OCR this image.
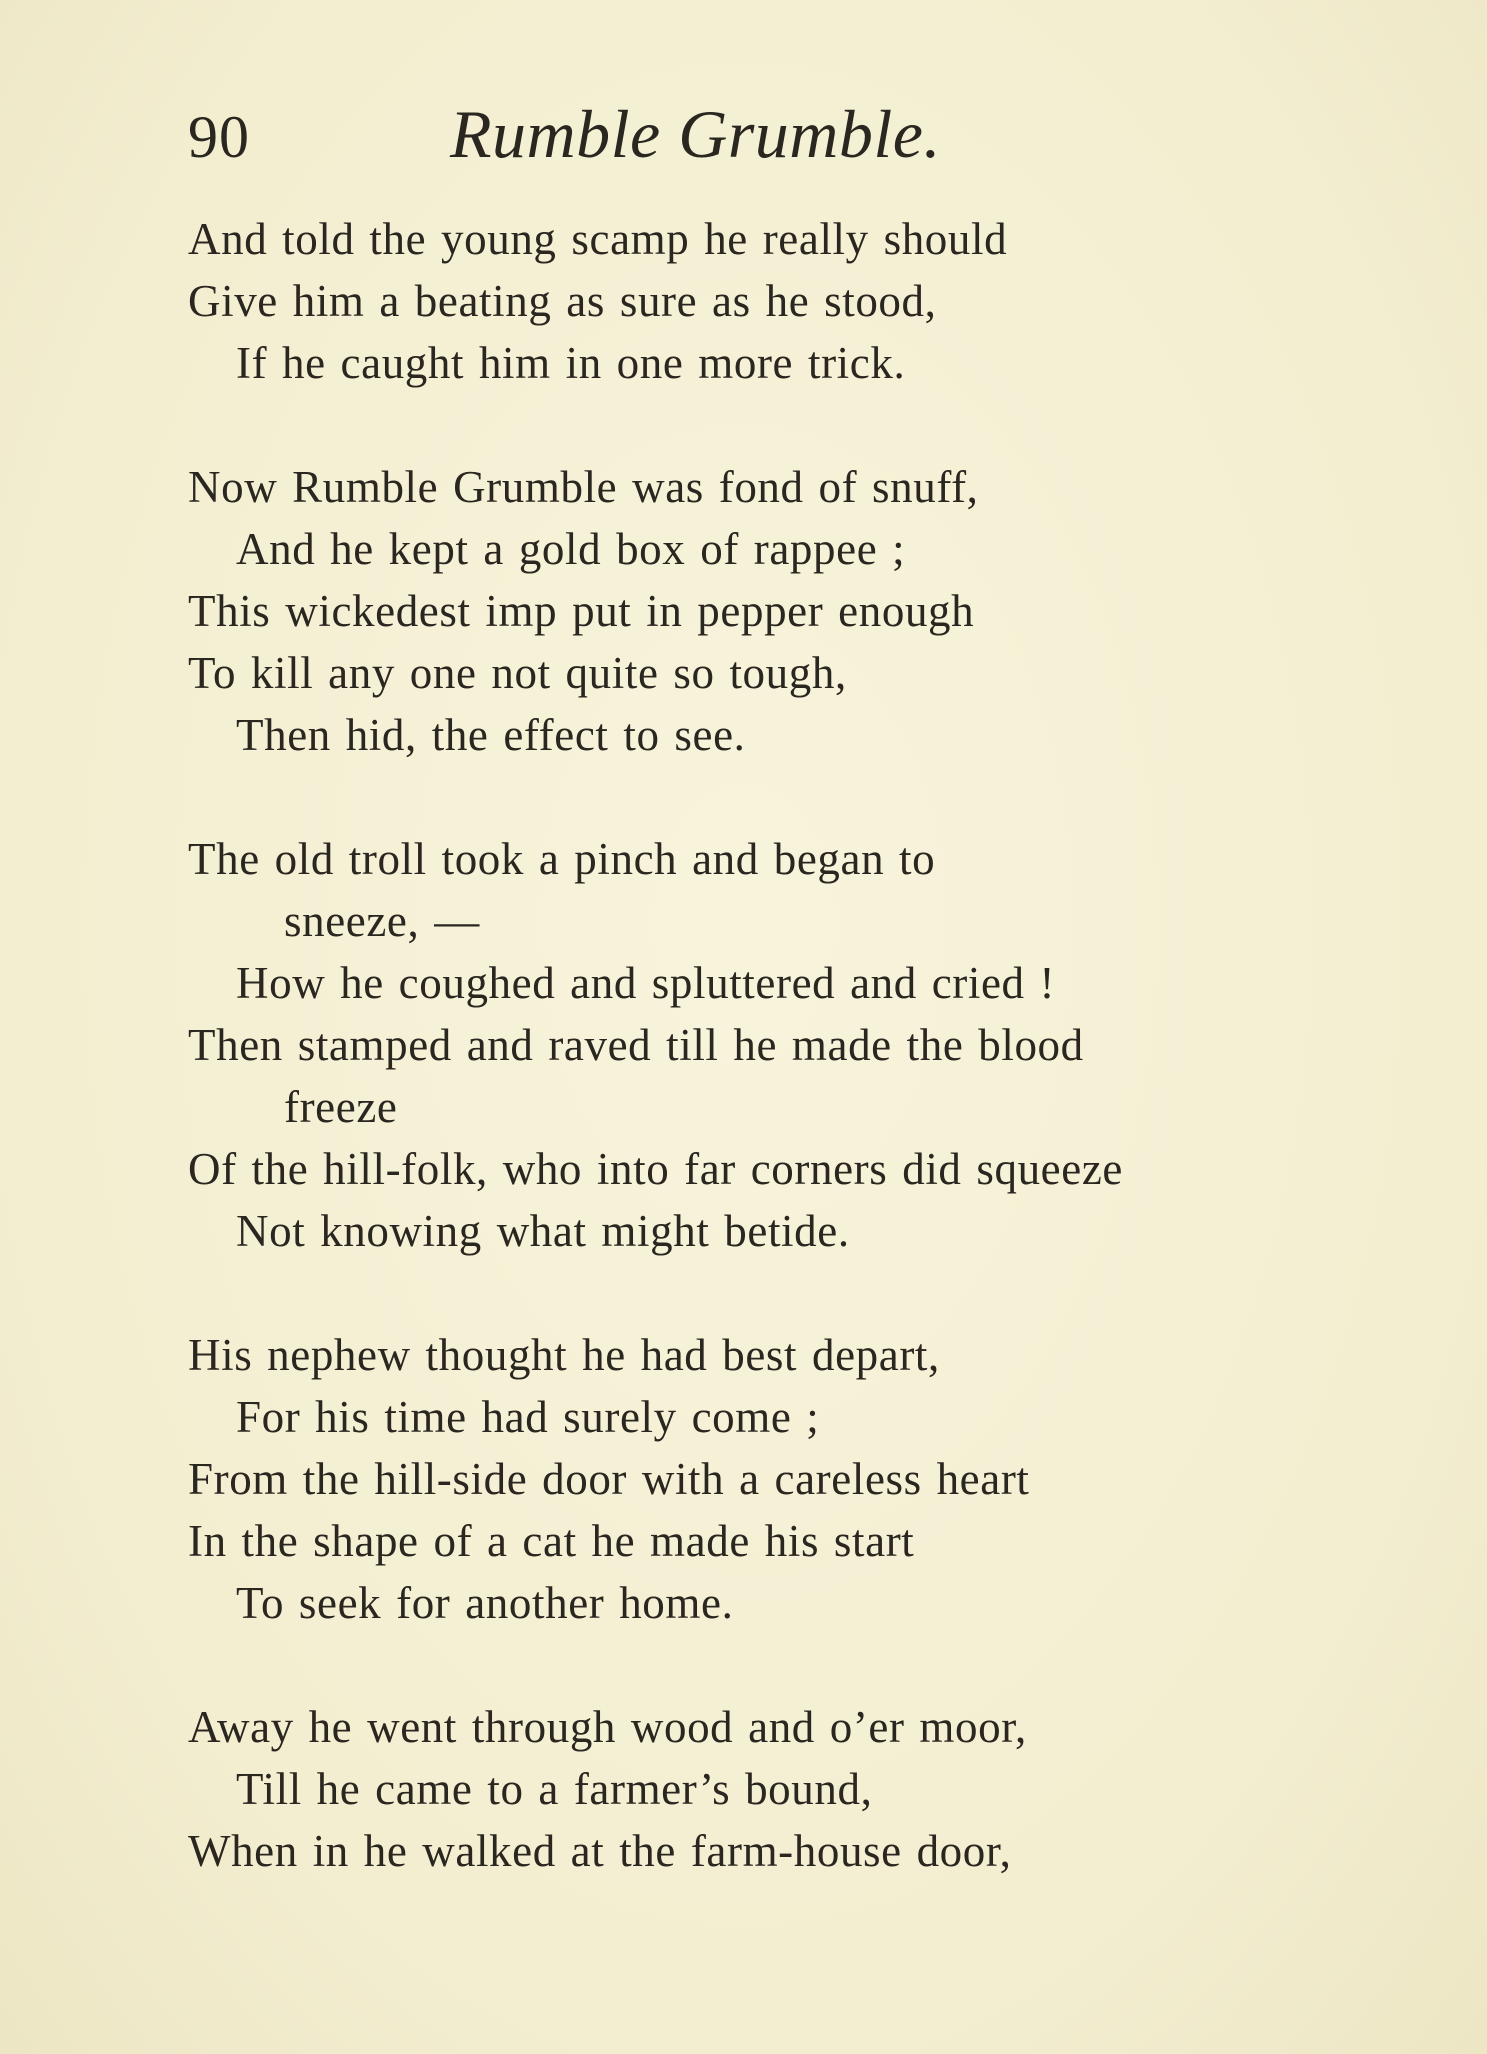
90	Rumble Grumble.
And told the young scamp he really should
Give him a beating as sure as he stood,
If he caught him in one more trick.
Now Rumble Grumble was fond of snuff,
And he kept a gold box of rappee ;
This wickedest imp put in pepper enough
To kill any one not quite so tough,
Then hid, the effect to see.
The old troll took a pinch and began to
sneeze, —
How he coughed and spluttered and cried !
Then stamped and raved till he made the blood
freeze
Of the hill-folk, who into far corners did squeeze
Not knowing what might betide.
His nephew thought he had best depart,
For his time had surely come ;
From the hill-side door with a careless heart
In the shape of a cat he made his start
To seek for another home.
Away he went through wood and o’er moor,
Till he came to a farmer’s bound,
When in he walked at the farm-house door,
